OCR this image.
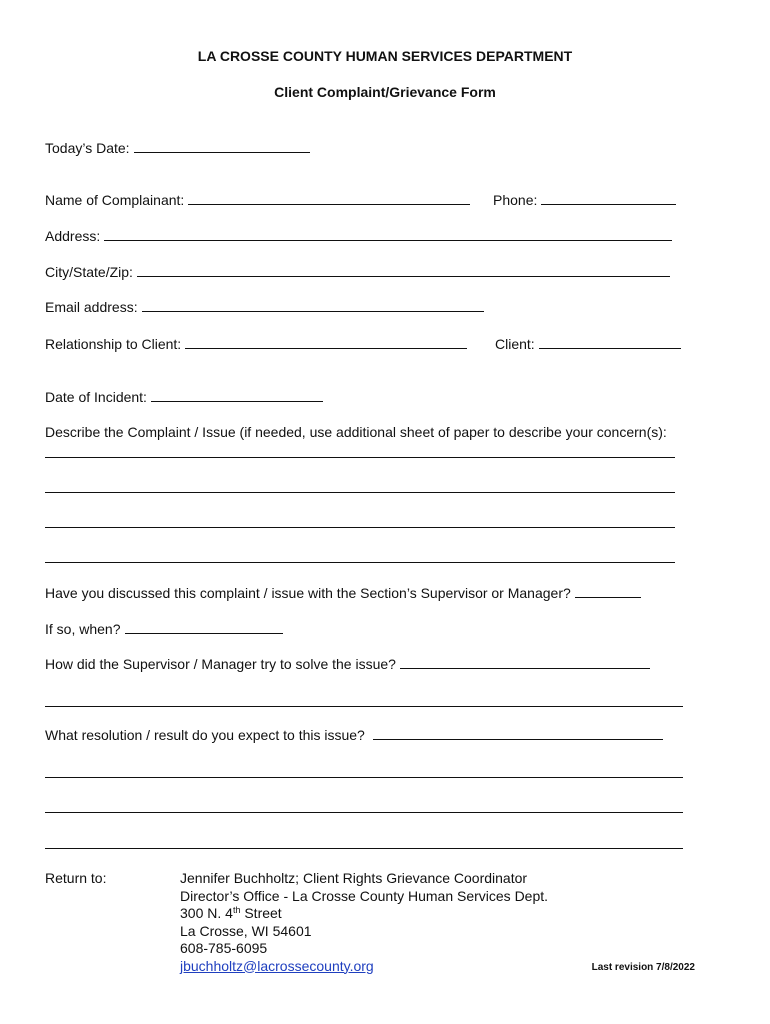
LA CROSSE COUNTY HUMAN SERVICES DEPARTMENT
Client Complaint/Grievance Form
Today’s Date:
Name of Complainant:	Phone:
Address:
City/State/Zip:
Email address:
Relationship to Client:	Client:
Date of Incident:
Describe the Complaint / Issue (if needed, use additional sheet of paper to describe your concern(s):
Have you discussed this complaint / issue with the Section’s Supervisor or Manager?
If so, when?
How did the Supervisor / Manager try to solve the issue?
What resolution / result do you expect to this issue?
Return to:	Jennifer Buchholtz; Client Rights Grievance Coordinator
Director’s Office - La Crosse County Human Services Dept.
300 N. 4th Street
La Crosse, WI 54601
608-785-6095
jbuchholtz@lacrossecounty.org	Last revision 7/8/2022
